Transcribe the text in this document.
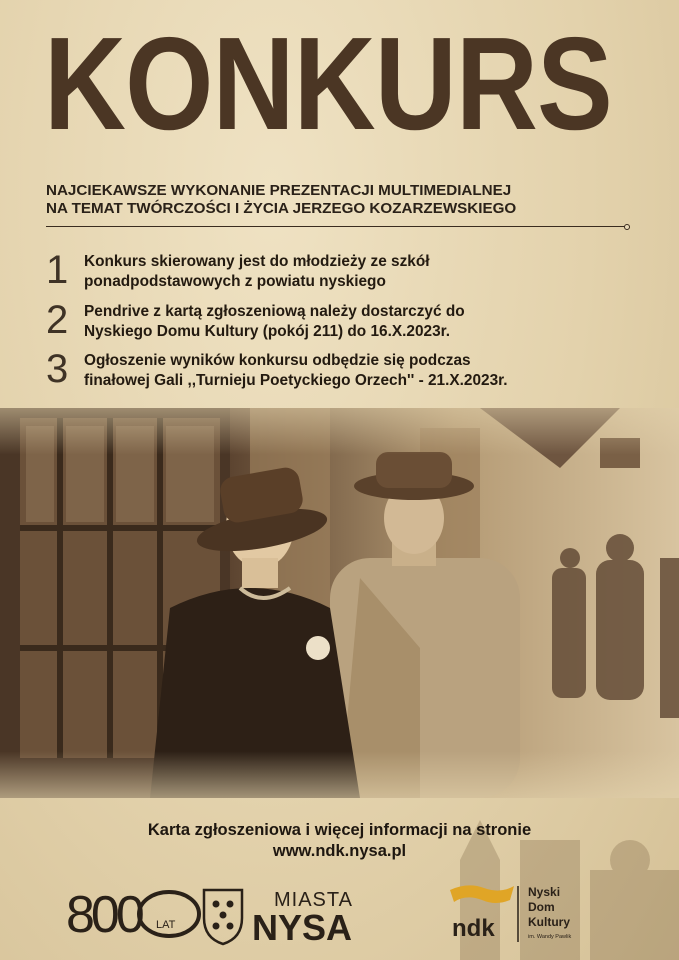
KONKURS
NAJCIEKAWSZE WYKONANIE PREZENTACJI MULTIMEDIALNEJ
NA TEMAT TWÓRCZOŚCI I ŻYCIA JERZEGO KOZARZEWSKIEGO
1 Konkurs skierowany jest do młodzieży ze szkół
ponadpodstawowych z powiatu nyskiego
2 Pendrive z kartą zgłoszeniową należy dostarczyć do
Nyskiego Domu Kultury (pokój 211) do 16.X.2023r.
3 Ogłoszenie wyników konkursu odbędzie się podczas
finałowej Gali ,,Turnieju Poetyckiego Orzech'' - 21.X.2023r.
Karta zgłoszeniowa i więcej informacji na stronie
www.ndk.nysa.pl
800 LAT
MIASTA
NYSA	ndk
Nyski
Dom
Kultury
im. Wandy Pawlik
